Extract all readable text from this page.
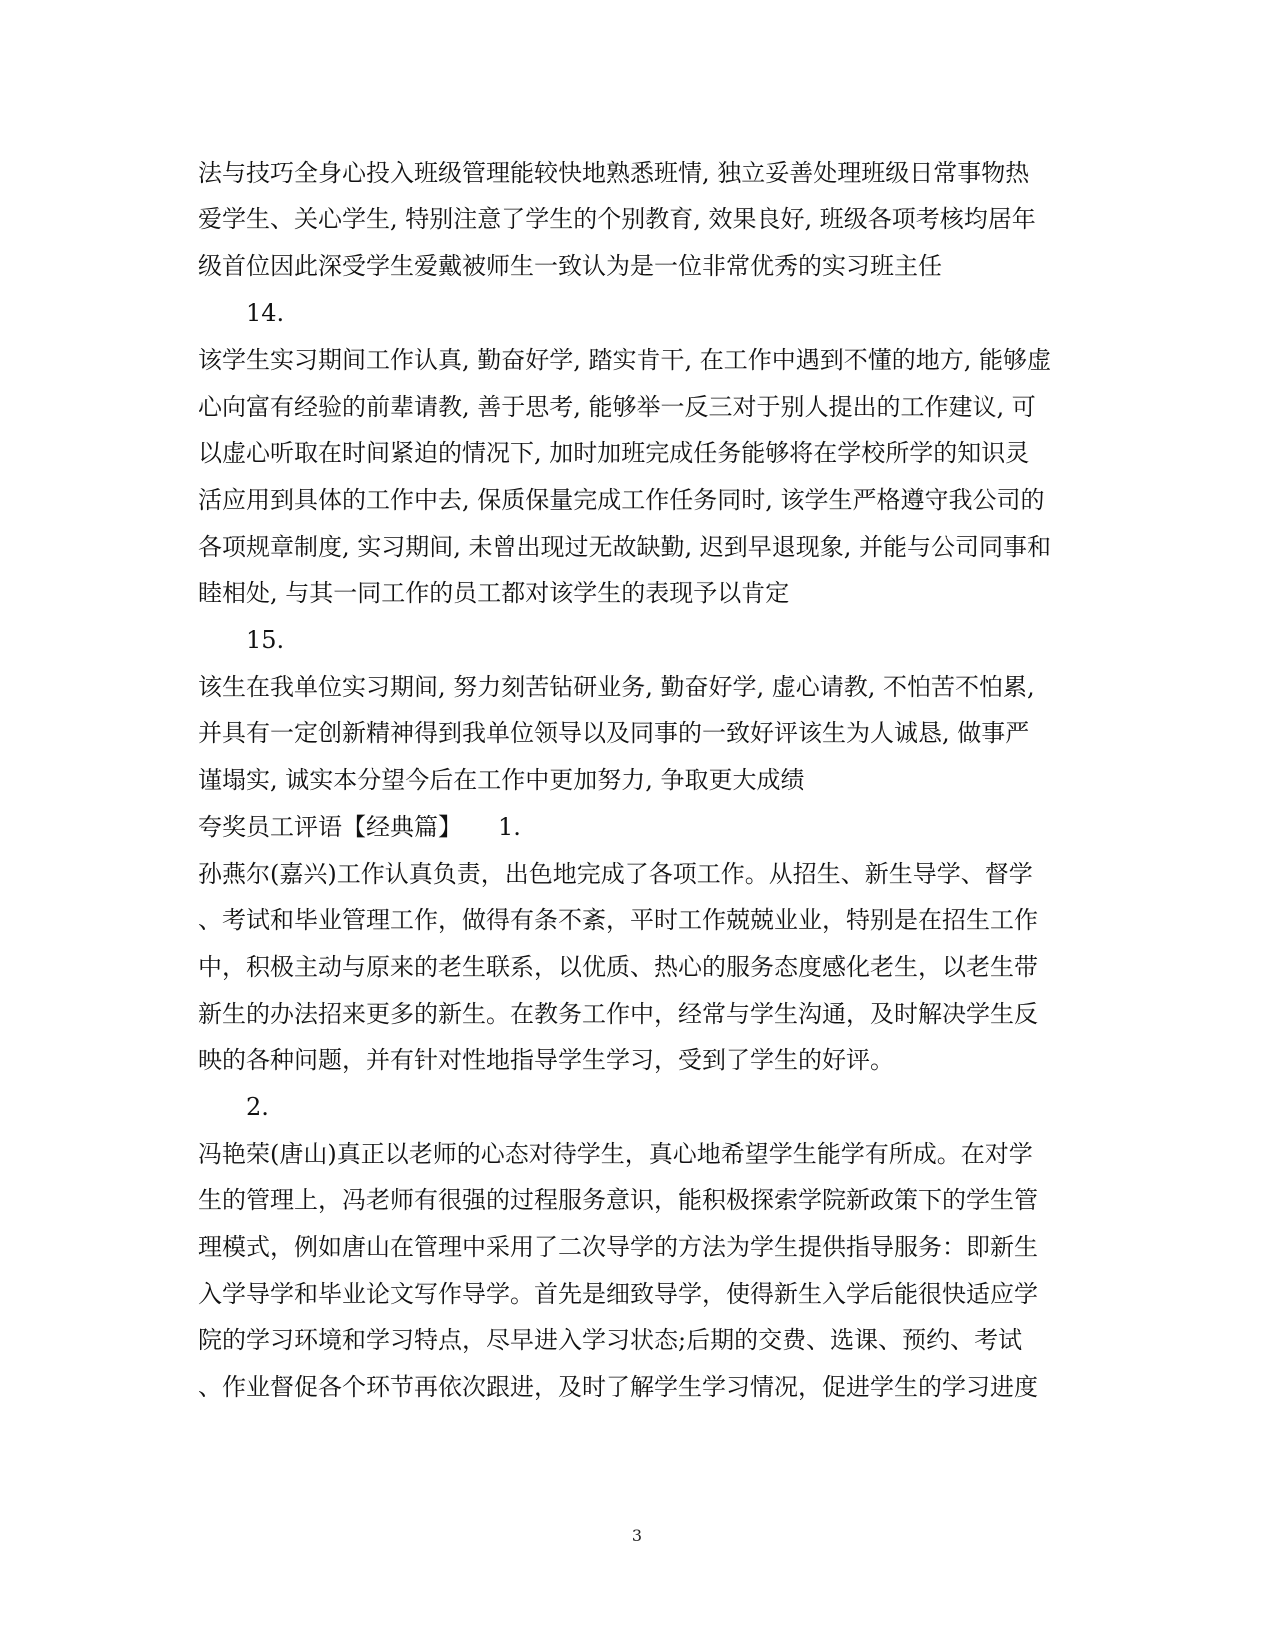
法与技巧全身心投入班级管理能较快地熟悉班情, 独立妥善处理班级日常事物热
爱学生、关心学生, 特别注意了学生的个别教育, 效果良好, 班级各项考核均居年
级首位因此深受学生爱戴被师生一致认为是一位非常优秀的实习班主任
14.
该学生实习期间工作认真, 勤奋好学, 踏实肯干, 在工作中遇到不懂的地方, 能够虚
心向富有经验的前辈请教, 善于思考, 能够举一反三对于别人提出的工作建议, 可
以虚心听取在时间紧迫的情况下, 加时加班完成任务能够将在学校所学的知识灵
活应用到具体的工作中去, 保质保量完成工作任务同时, 该学生严格遵守我公司的
各项规章制度, 实习期间, 未曾出现过无故缺勤, 迟到早退现象, 并能与公司同事和
睦相处, 与其一同工作的员工都对该学生的表现予以肯定
15.
该生在我单位实习期间, 努力刻苦钻研业务, 勤奋好学, 虚心请教, 不怕苦不怕累,
并具有一定创新精神得到我单位领导以及同事的一致好评该生为人诚恳, 做事严
谨塌实, 诚实本分望今后在工作中更加努力, 争取更大成绩
夸奖员工评语【经典篇】　　1.
孙燕尔(嘉兴)工作认真负责，出色地完成了各项工作。从招生、新生导学、督学
、考试和毕业管理工作，做得有条不紊，平时工作兢兢业业，特别是在招生工作
中，积极主动与原来的老生联系，以优质、热心的服务态度感化老生，以老生带
新生的办法招来更多的新生。在教务工作中，经常与学生沟通，及时解决学生反
映的各种问题，并有针对性地指导学生学习，受到了学生的好评。
2.
冯艳荣(唐山)真正以老师的心态对待学生，真心地希望学生能学有所成。在对学
生的管理上，冯老师有很强的过程服务意识，能积极探索学院新政策下的学生管
理模式，例如唐山在管理中采用了二次导学的方法为学生提供指导服务：即新生
入学导学和毕业论文写作导学。首先是细致导学，使得新生入学后能很快适应学
院的学习环境和学习特点，尽早进入学习状态;后期的交费、选课、预约、考试
、作业督促各个环节再依次跟进，及时了解学生学习情况，促进学生的学习进度
3
